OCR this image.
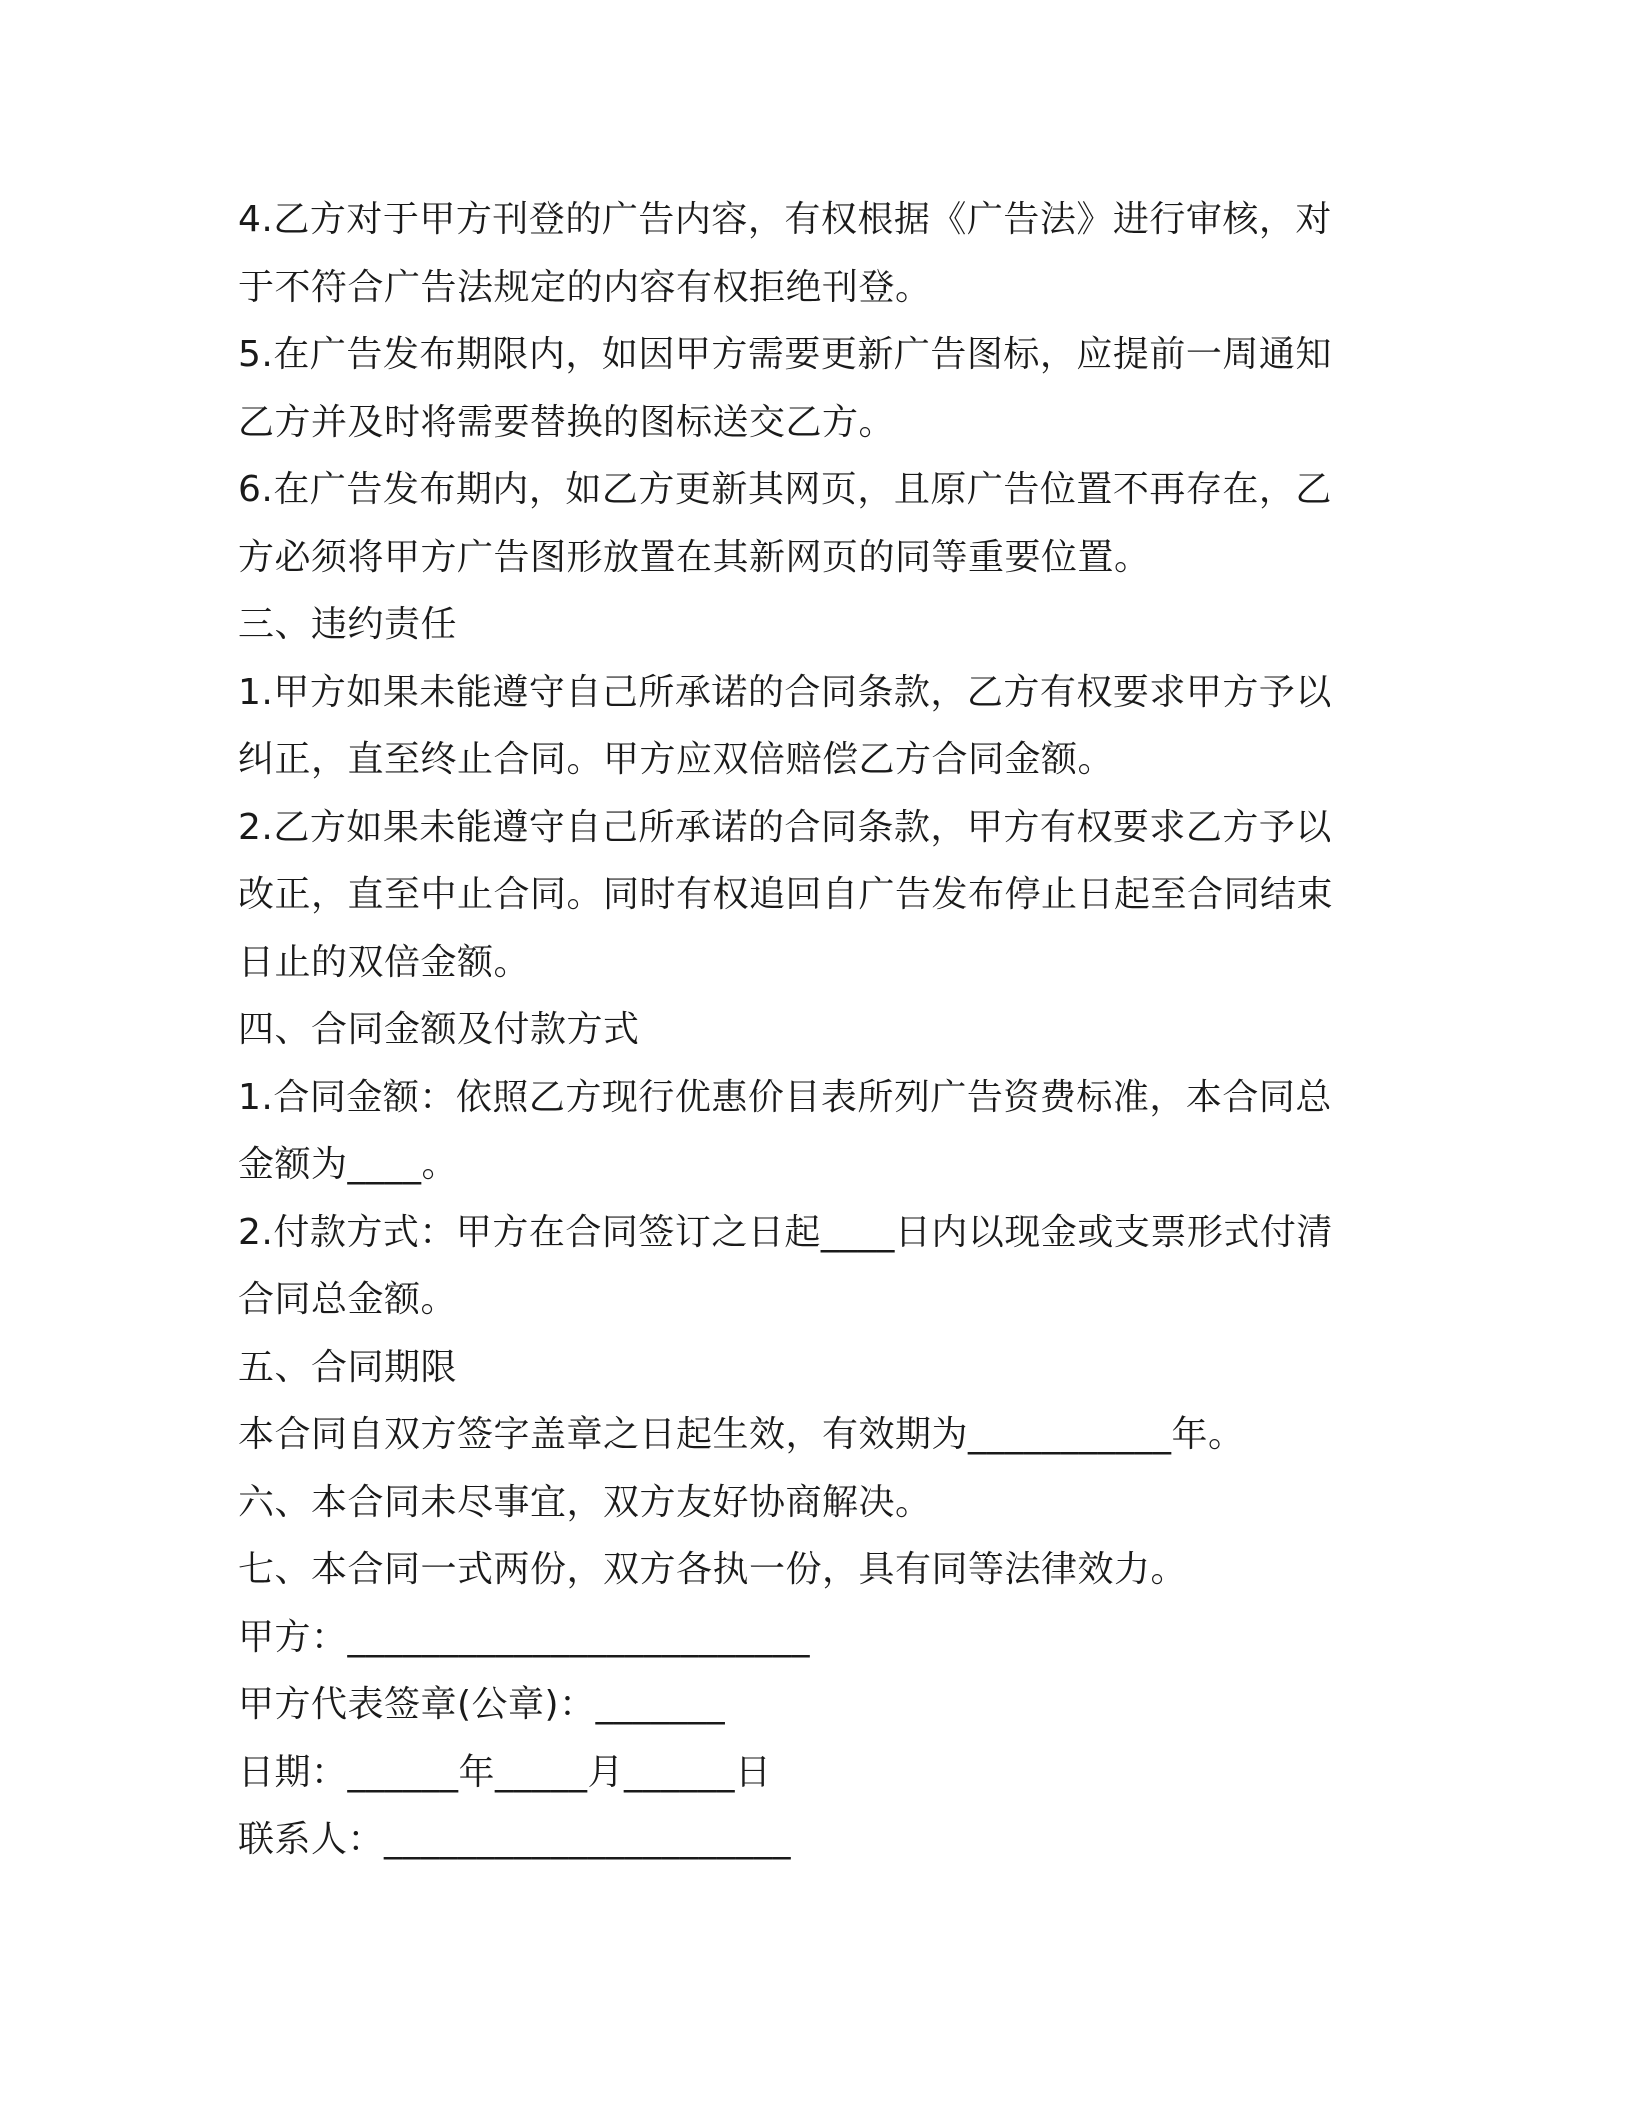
4.乙方对于甲方刊登的广告内容，有权根据《广告法》进行审核，对
于不符合广告法规定的内容有权拒绝刊登。
5.在广告发布期限内，如因甲方需要更新广告图标，应提前一周通知
乙方并及时将需要替换的图标送交乙方。
6.在广告发布期内，如乙方更新其网页，且原广告位置不再存在，乙
方必须将甲方广告图形放置在其新网页的同等重要位置。
三、违约责任
1.甲方如果未能遵守自己所承诺的合同条款，乙方有权要求甲方予以
纠正，直至终止合同。甲方应双倍赔偿乙方合同金额。
2.乙方如果未能遵守自己所承诺的合同条款，甲方有权要求乙方予以
改正，直至中止合同。同时有权追回自广告发布停止日起至合同结束
日止的双倍金额。
四、合同金额及付款方式
1.合同金额：依照乙方现行优惠价目表所列广告资费标准，本合同总
金额为____。
2.付款方式：甲方在合同签订之日起____日内以现金或支票形式付清
合同总金额。
五、合同期限
本合同自双方签字盖章之日起生效，有效期为___________年。
六、本合同未尽事宜，双方友好协商解决。
七、本合同一式两份，双方各执一份，具有同等法律效力。
甲方：_________________________
甲方代表签章(公章)：_______
日期：______年_____月______日
联系人：______________________
